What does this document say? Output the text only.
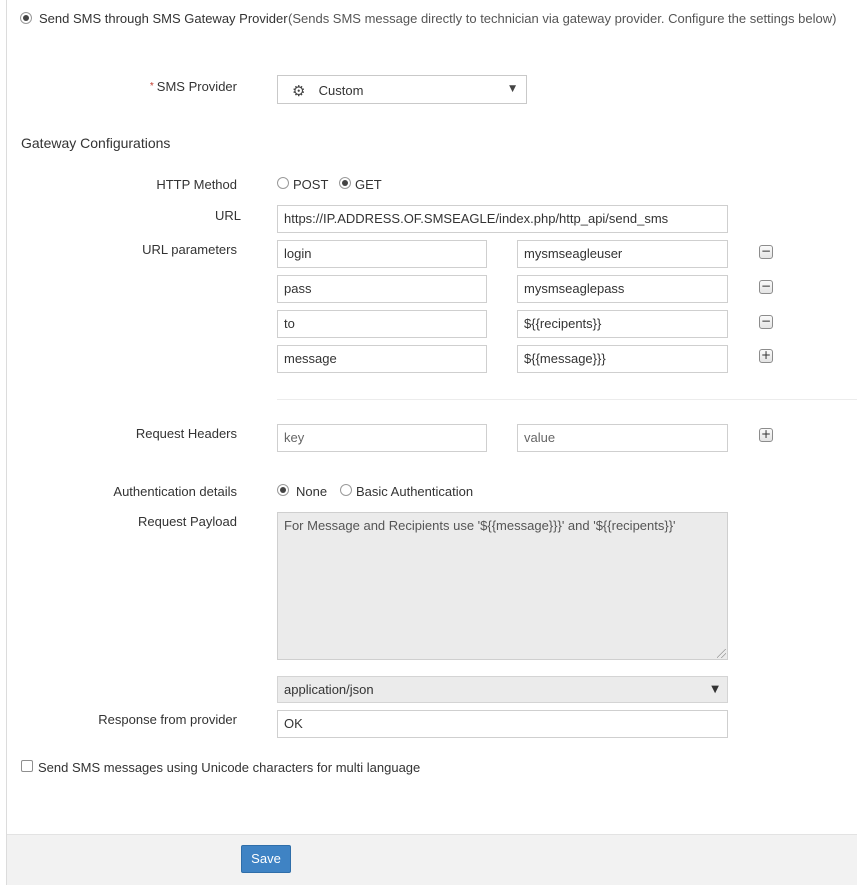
Send SMS through SMS Gateway Provider (Sends SMS message directly to technician via gateway provider. Configure the settings below)
* SMS Provider	⚙ Custom	▼
Gateway Configurations
HTTP Method	POST GET
URL	https://IP.ADDRESS.OF.SMSEAGLE/index.php/http_api/send_sms
URL parameters	login	mysmseagleuser	−
pass	mysmseaglepass	−
to	${{recipents}}	−
message	${{message}}}	+
Request Headers	key	value	+
Authentication details	None Basic Authentication
Request Payload	For Message and Recipients use '${{message}}}' and '${{recipents}}'
application/json	▼
Response from provider	OK
Send SMS messages using Unicode characters for multi language
Save
